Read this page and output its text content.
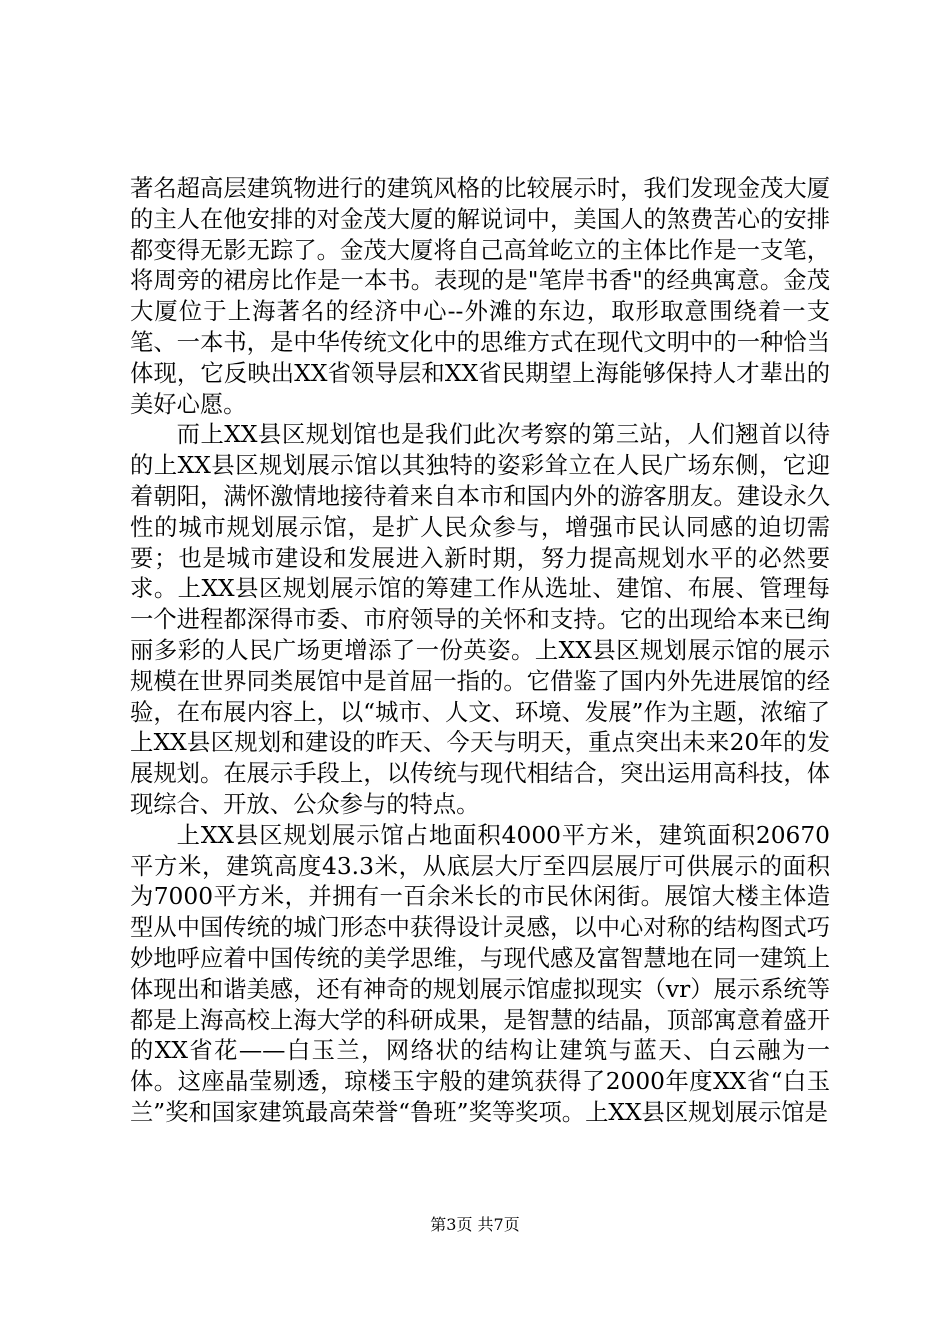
著名超高层建筑物进行的建筑风格的比较展示时，我们发现金茂大厦的主人在他安排的对金茂大厦的解说词中，美国人的煞费苦心的安排都变得无影无踪了。金茂大厦将自己高耸屹立的主体比作是一支笔，将周旁的裙房比作是一本书。表现的是"笔岸书香"的经典寓意。金茂大厦位于上海著名的经济中心--外滩的东边，取形取意围绕着一支笔、一本书，是中华传统文化中的思维方式在现代文明中的一种恰当体现，它反映出XX省领导层和XX省民期望上海能够保持人才辈出的美好心愿。

而上XX县区规划馆也是我们此次考察的第三站，人们翘首以待的上XX县区规划展示馆以其独特的姿彩耸立在人民广场东侧，它迎着朝阳，满怀激情地接待着来自本市和国内外的游客朋友。建设永久性的城市规划展示馆，是扩人民众参与，增强市民认同感的迫切需要；也是城市建设和发展进入新时期，努力提高规划水平的必然要求。上XX县区规划展示馆的筹建工作从选址、建馆、布展、管理每一个进程都深得市委、市府领导的关怀和支持。它的出现给本来已绚丽多彩的人民广场更增添了一份英姿。上XX县区规划展示馆的展示规模在世界同类展馆中是首屈一指的。它借鉴了国内外先进展馆的经验，在布展内容上，以“城市、人文、环境、发展”作为主题，浓缩了上XX县区规划和建设的昨天、今天与明天，重点突出未来20年的发展规划。在展示手段上，以传统与现代相结合，突出运用高科技，体现综合、开放、公众参与的特点。

上XX县区规划展示馆占地面积4000平方米，建筑面积20670平方米，建筑高度43.3米，从底层大厅至四层展厅可供展示的面积为7000平方米，并拥有一百余米长的市民休闲街。展馆大楼主体造型从中国传统的城门形态中获得设计灵感，以中心对称的结构图式巧妙地呼应着中国传统的美学思维，与现代感及富智慧地在同一建筑上体现出和谐美感，还有神奇的规划展示馆虚拟现实（vr）展示系统等都是上海高校上海大学的科研成果，是智慧的结晶，顶部寓意着盛开的XX省花——白玉兰，网络状的结构让建筑与蓝天、白云融为一体。这座晶莹剔透，琼楼玉宇般的建筑获得了2000年度XX省“白玉兰”奖和国家建筑最高荣誉“鲁班”奖等奖项。上XX县区规划展示馆是

第3页 共7页
